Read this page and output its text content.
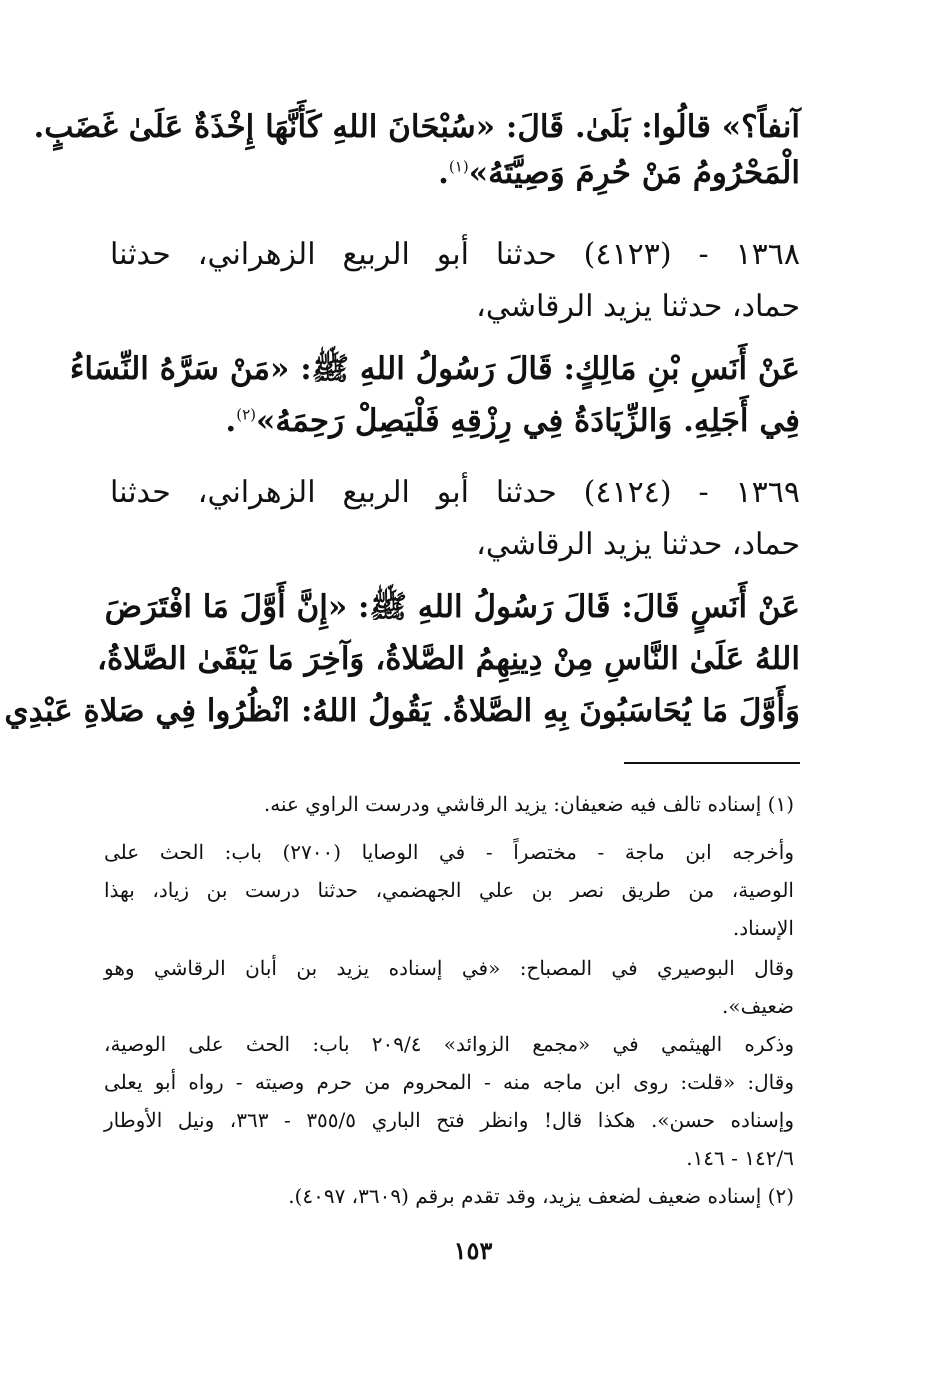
آنفاً؟» قالُوا: بَلَىٰ. قَالَ: «سُبْحَانَ اللهِ كَأَنَّهَا إِخْذَةٌ عَلَىٰ غَضَبٍ.
الْمَحْرُومُ مَنْ حُرِمَ وَصِيَّتَهُ»$^{(١)}$.
١٣٦٨ - (٤١٢٣) حدثنا أبو الربيع الزهراني، حدثنا
حماد، حدثنا يزيد الرقاشي،
عَنْ أَنَسِ بْنِ مَالِكٍ: قَالَ رَسُولُ اللهِ ﷺ: «مَنْ سَرَّهُ النِّسَاءُ
فِي أَجَلِهِ. وَالزِّيَادَةُ فِي رِزْقِهِ فَلْيَصِلْ رَحِمَهُ»$^{(٢)}$.
١٣٦٩ - (٤١٢٤) حدثنا أبو الربيع الزهراني، حدثنا
حماد، حدثنا يزيد الرقاشي،
عَنْ أَنَسٍ قَالَ: قَالَ رَسُولُ اللهِ ﷺ: «إِنَّ أَوَّلَ مَا افْتَرَضَ
اللهُ عَلَىٰ النَّاسِ مِنْ دِينِهِمُ الصَّلاةُ، وَآخِرَ مَا يَبْقَىٰ الصَّلاةُ،
وَأَوَّلَ مَا يُحَاسَبُونَ بِهِ الصَّلاةُ. يَقُولُ اللهُ: انْظُرُوا فِي صَلاةِ عَبْدِي
(١) إسناده تالف فيه ضعيفان: يزيد الرقاشي ودرست الراوي عنه.
وأخرجه ابن ماجة - مختصراً - في الوصايا (٢٧٠٠) باب: الحث على
الوصية، من طريق نصر بن علي الجهضمي، حدثنا درست بن زياد، بهذا
الإسناد.
وقال البوصيري في المصباح: «في إسناده يزيد بن أبان الرقاشي وهو
ضعيف».
وذكره الهيثمي في «مجمع الزوائد» ٢٠٩/٤ باب: الحث على الوصية،
وقال: «قلت: روى ابن ماجه منه - المحروم من حرم وصيته - رواه أبو يعلى
وإسناده حسن». هكذا قال! وانظر فتح الباري ٣٥٥/٥ - ٣٦٣، ونيل الأوطار
١٤٢/٦ - ١٤٦.
(٢) إسناده ضعيف لضعف يزيد، وقد تقدم برقم (٣٦٠٩، ٤٠٩٧).
١٥٣
